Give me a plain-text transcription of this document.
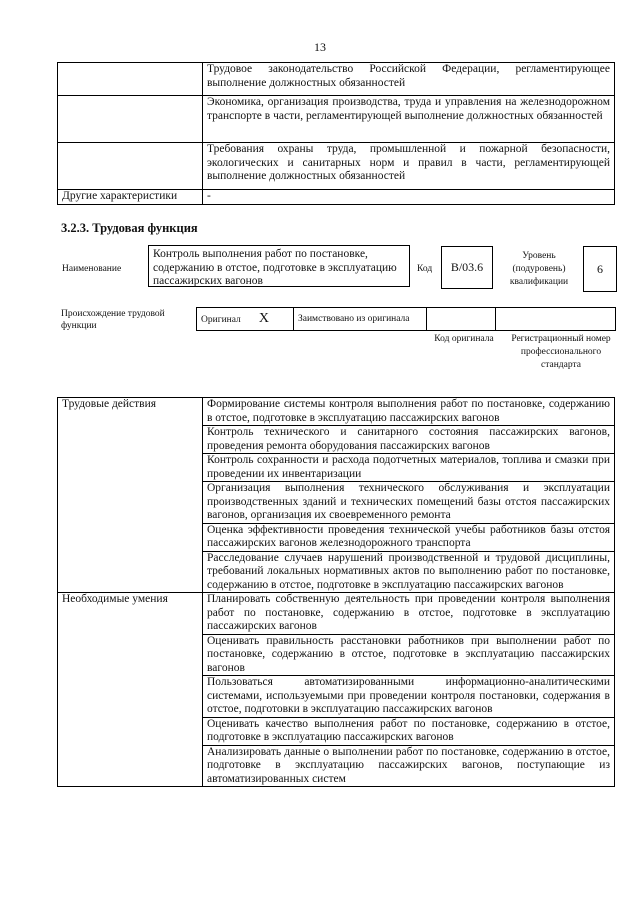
13
	Трудовое законодательство Российской Федерации, регламентирующее выполнение должностных обязанностей
	Экономика, организация производства, труда и управления на железнодорожном транспорте в части, регламентирующей выполнение должностных обязанностей
	Требования охраны труда, промышленной и пожарной безопасности, экологических и санитарных норм и правил в части, регламентирующей выполнение должностных обязанностей
Другие характеристики	-
3.2.3. Трудовая функция
Наименование
Контроль выполнения работ по постановке, содержанию в отстое, подготовке в эксплуатацию пассажирских вагонов
Код	B/03.6
Уровень (подуровень) квалификации
6
Происхождение трудовой функции
Оригинал X	Заимствовано из оригинала		
Код оригинала	Регистрационный номер профессионального стандарта
Трудовые действия	Формирование системы контроля выполнения работ по постановке, содержанию в отстое, подготовке в эксплуатацию пассажирских вагонов
	Контроль технического и санитарного состояния пассажирских вагонов, проведения ремонта оборудования пассажирских вагонов
	Контроль сохранности и расхода подотчетных материалов, топлива и смазки при проведении их инвентаризации
	Организация выполнения технического обслуживания и эксплуатации производственных зданий и технических помещений базы отстоя пассажирских вагонов, организация их своевременного ремонта
	Оценка эффективности проведения технической учебы работников базы отстоя пассажирских вагонов железнодорожного транспорта
	Расследование случаев нарушений производственной и трудовой дисциплины, требований локальных нормативных актов по выполнению работ по постановке, содержанию в отстое, подготовке в эксплуатацию пассажирских вагонов
Необходимые умения	Планировать собственную деятельность при проведении контроля выполнения работ по постановке, содержанию в отстое, подготовке в эксплуатацию пассажирских вагонов
	Оценивать правильность расстановки работников при выполнении работ по постановке, содержанию в отстое, подготовке в эксплуатацию пассажирских вагонов
	Пользоваться автоматизированными информационно-аналитическими системами, используемыми при проведении контроля постановки, содержания в отстое, подготовки в эксплуатацию пассажирских вагонов
	Оценивать качество выполнения работ по постановке, содержанию в отстое, подготовке в эксплуатацию пассажирских вагонов
	Анализировать данные о выполнении работ по постановке, содержанию в отстое, подготовке в эксплуатацию пассажирских вагонов, поступающие из автоматизированных систем
